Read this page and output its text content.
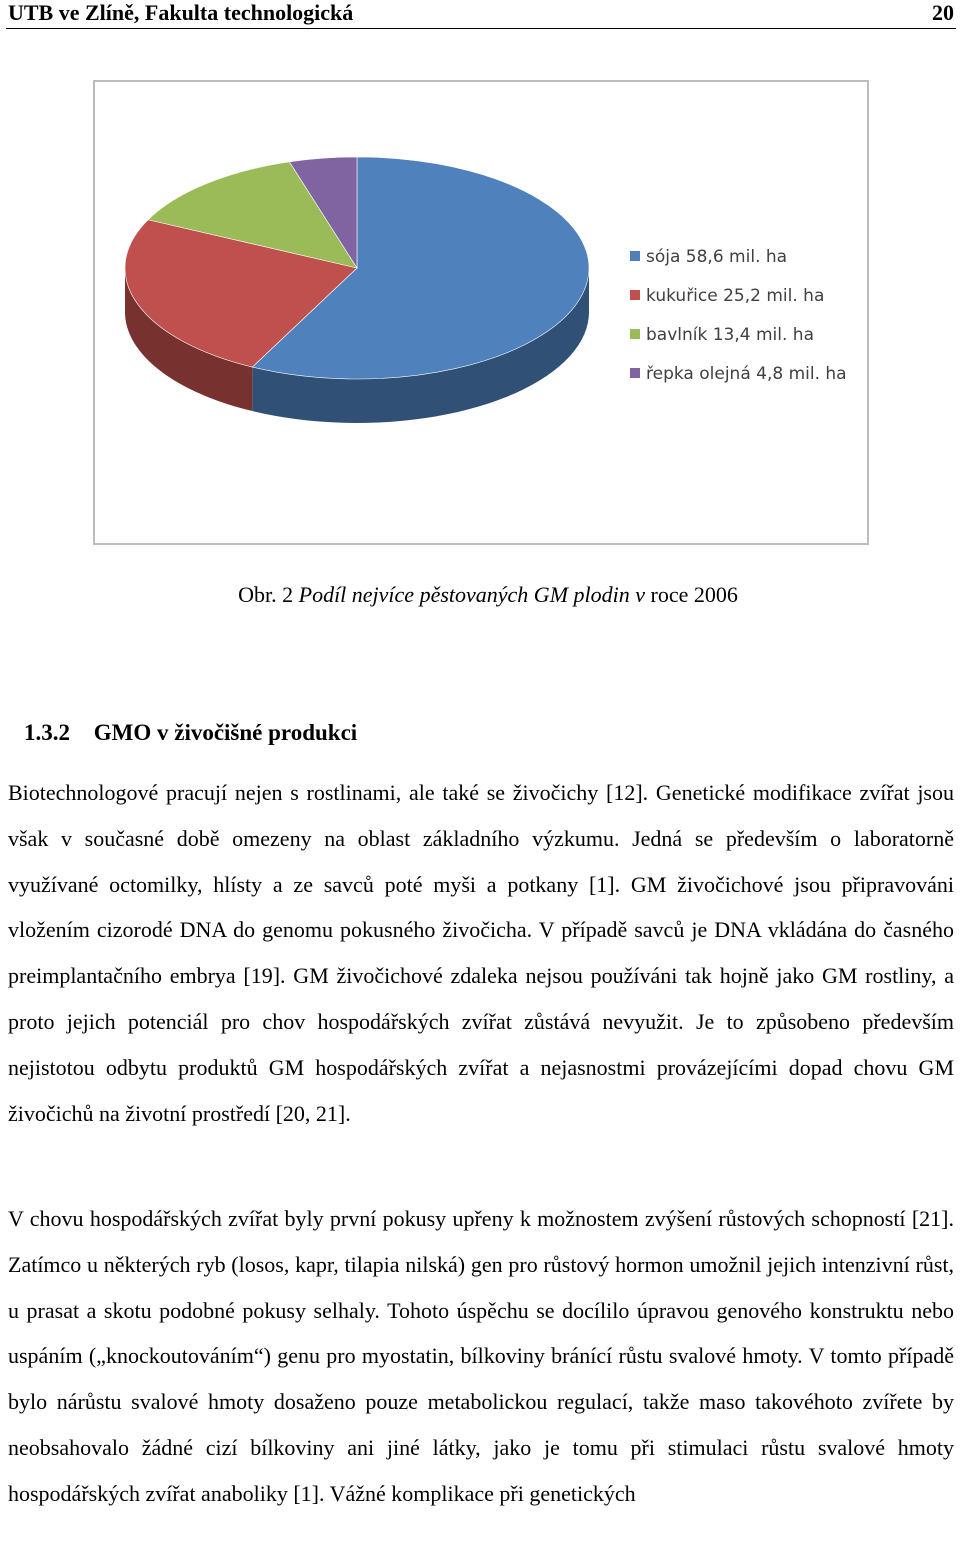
UTB ve Zlíně, Fakulta technologická	20
sója 58,6 mil. ha
kukuřice 25,2 mil. ha
bavlník 13,4 mil. ha
řepka olejná 4,8 mil. ha
Obr. 2 Podíl nejvíce pěstovaných GM plodin v roce 2006
1.3.2 GMO v živočišné produkci
Biotechnologové pracují nejen s rostlinami, ale také se živočichy [12]. Genetické modifikace zvířat jsou však v současné době omezeny na oblast základního výzkumu. Jedná se především o laboratorně využívané octomilky, hlísty a ze savců poté myši a potkany [1]. GM živočichové jsou připravováni vložením cizorodé DNA do genomu pokusného živočicha. V případě savců je DNA vkládána do časného preimplantačního embrya [19]. GM živočichové zdaleka nejsou používáni tak hojně jako GM rostliny, a proto jejich potenciál pro chov hospodářských zvířat zůstává nevyužit. Je to způsobeno především nejistotou odbytu produktů GM hospodářských zvířat a nejasnostmi provázejícími dopad chovu GM živočichů na životní prostředí [20, 21].
V chovu hospodářských zvířat byly první pokusy upřeny k možnostem zvýšení růstových schopností [21]. Zatímco u některých ryb (losos, kapr, tilapia nilská) gen pro růstový hormon umožnil jejich intenzivní růst, u prasat a skotu podobné pokusy selhaly. Tohoto úspěchu se docílilo úpravou genového konstruktu nebo uspáním („knockoutováním“) genu pro myostatin, bílkoviny bránící růstu svalové hmoty. V tomto případě bylo nárůstu svalové hmoty dosaženo pouze metabolickou regulací, takže maso takovéhoto zvířete by neobsahovalo žádné cizí bílkoviny ani jiné látky, jako je tomu při stimulaci růstu svalové hmoty hospodářských zvířat anaboliky [1]. Vážné komplikace při genetických
